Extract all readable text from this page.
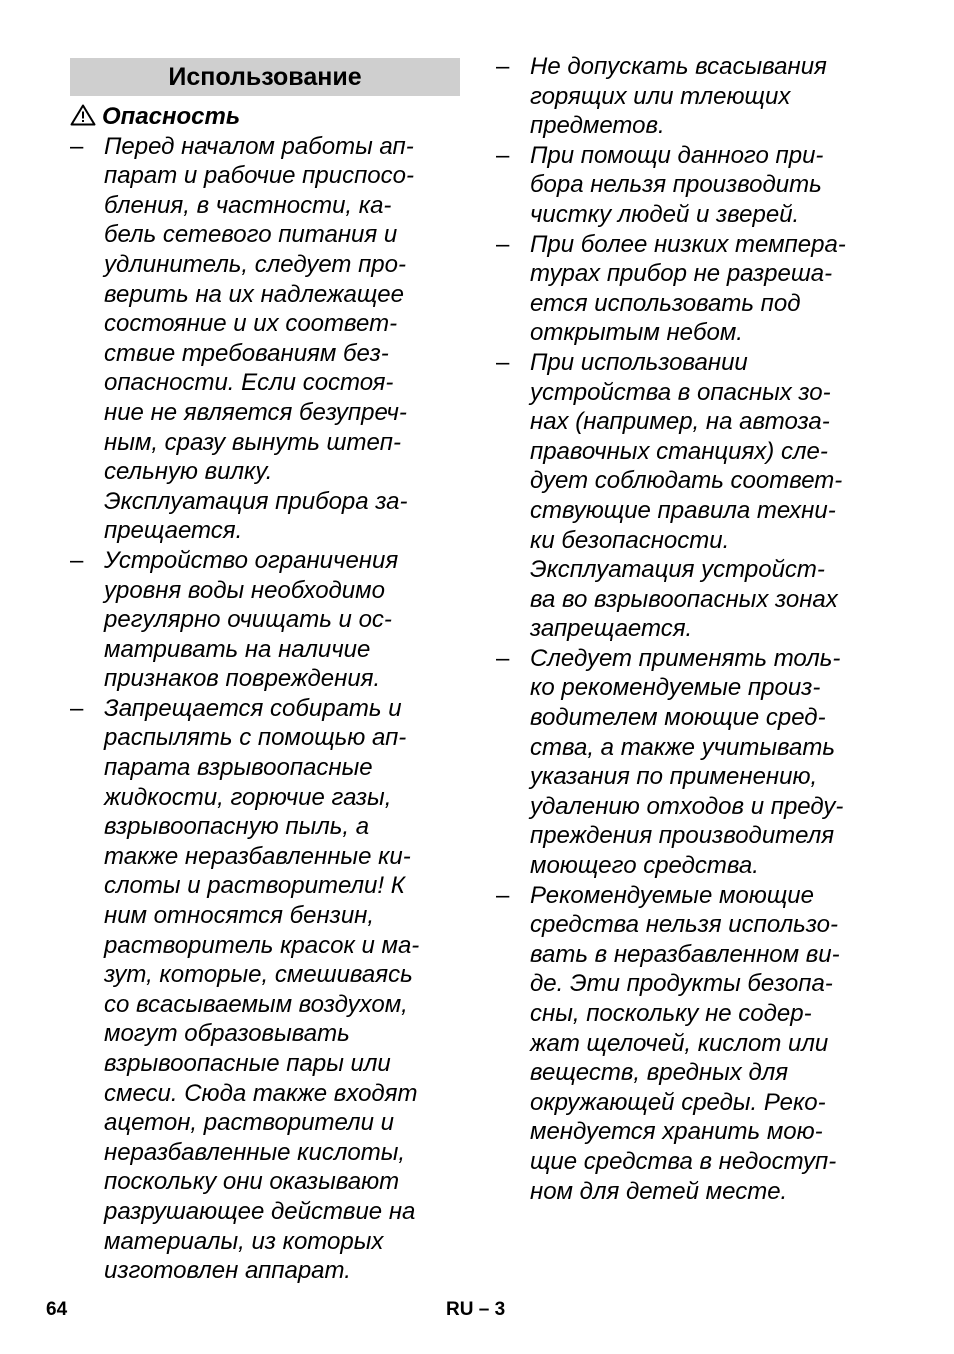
Использование
Опасность
– Перед началом работы ап-
парат и рабочие приспосо-
бления, в частности, ка-
бель сетевого питания и
удлинитель, следует про-
верить на их надлежащее
состояние и их соответ-
ствие требованиям без-
опасности. Если состоя-
ние не является безупреч-
ным, сразу вынуть штеп-
сельную вилку.
Эксплуатация прибора за-
прещается.
– Устройство ограничения
уровня воды необходимо
регулярно очищать и ос-
матривать на наличие
признаков повреждения.
– Запрещается собирать и
распылять с помощью ап-
парата взрывоопасные
жидкости, горючие газы,
взрывоопасную пыль, а
также неразбавленные ки-
слоты и растворители! К
ним относятся бензин,
растворитель красок и ма-
зут, которые, смешиваясь
со всасываемым воздухом,
могут образовывать
взрывоопасные пары или
смеси. Сюда также входят
ацетон, растворители и
неразбавленные кислоты,
поскольку они оказывают
разрушающее действие на
материалы, из которых
изготовлен аппарат.
– Не допускать всасывания
горящих или тлеющих
предметов.
– При помощи данного при-
бора нельзя производить
чистку людей и зверей.
– При более низких темпера-
турах прибор не разреша-
ется использовать под
открытым небом.
– При использовании
устройства в опасных зо-
нах (например, на автоза-
правочных станциях) сле-
дует соблюдать соответ-
ствующие правила техни-
ки безопасности.
Эксплуатация устройст-
ва во взрывоопасных зонах
запрещается.
– Следует применять толь-
ко рекомендуемые произ-
водителем моющие сред-
ства, а также учитывать
указания по применению,
удалению отходов и преду-
преждения производителя
моющего средства.
– Рекомендуемые моющие
средства нельзя использо-
вать в неразбавленном ви-
де. Эти продукты безопа-
сны, поскольку не содер-
жат щелочей, кислот или
веществ, вредных для
окружающей среды. Реко-
мендуется хранить мою-
щие средства в недоступ-
ном для детей месте.
64	RU – 3
